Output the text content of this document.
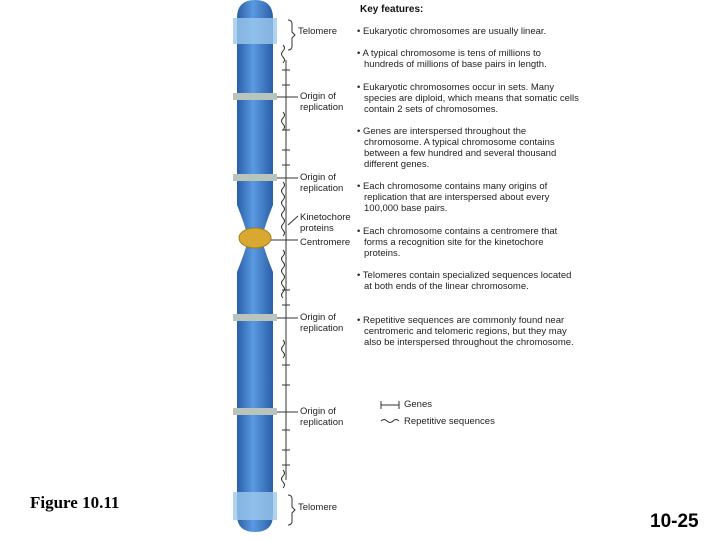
Telomere
Origin of replication
Origin of replication
Kinetochore proteins
Centromere
Origin of replication
Origin of replication
Telomere
Key features:
• Eukaryotic chromosomes are usually linear.
• A typical chromosome is tens of millions to hundreds of millions of base pairs in length.
• Eukaryotic chromosomes occur in sets. Many species are diploid, which means that somatic cells contain 2 sets of chromosomes.
• Genes are interspersed throughout the chromosome. A typical chromosome contains between a few hundred and several thousand different genes.
• Each chromosome contains many origins of replication that are interspersed about every 100,000 base pairs.
• Each chromosome contains a centromere that forms a recognition site for the kinetochore proteins.
• Telomeres contain specialized sequences located at both ends of the linear chromosome.
• Repetitive sequences are commonly found near centromeric and telomeric regions, but they may also be interspersed throughout the chromosome.
Genes
Repetitive sequences
Figure 10.11
10-25
